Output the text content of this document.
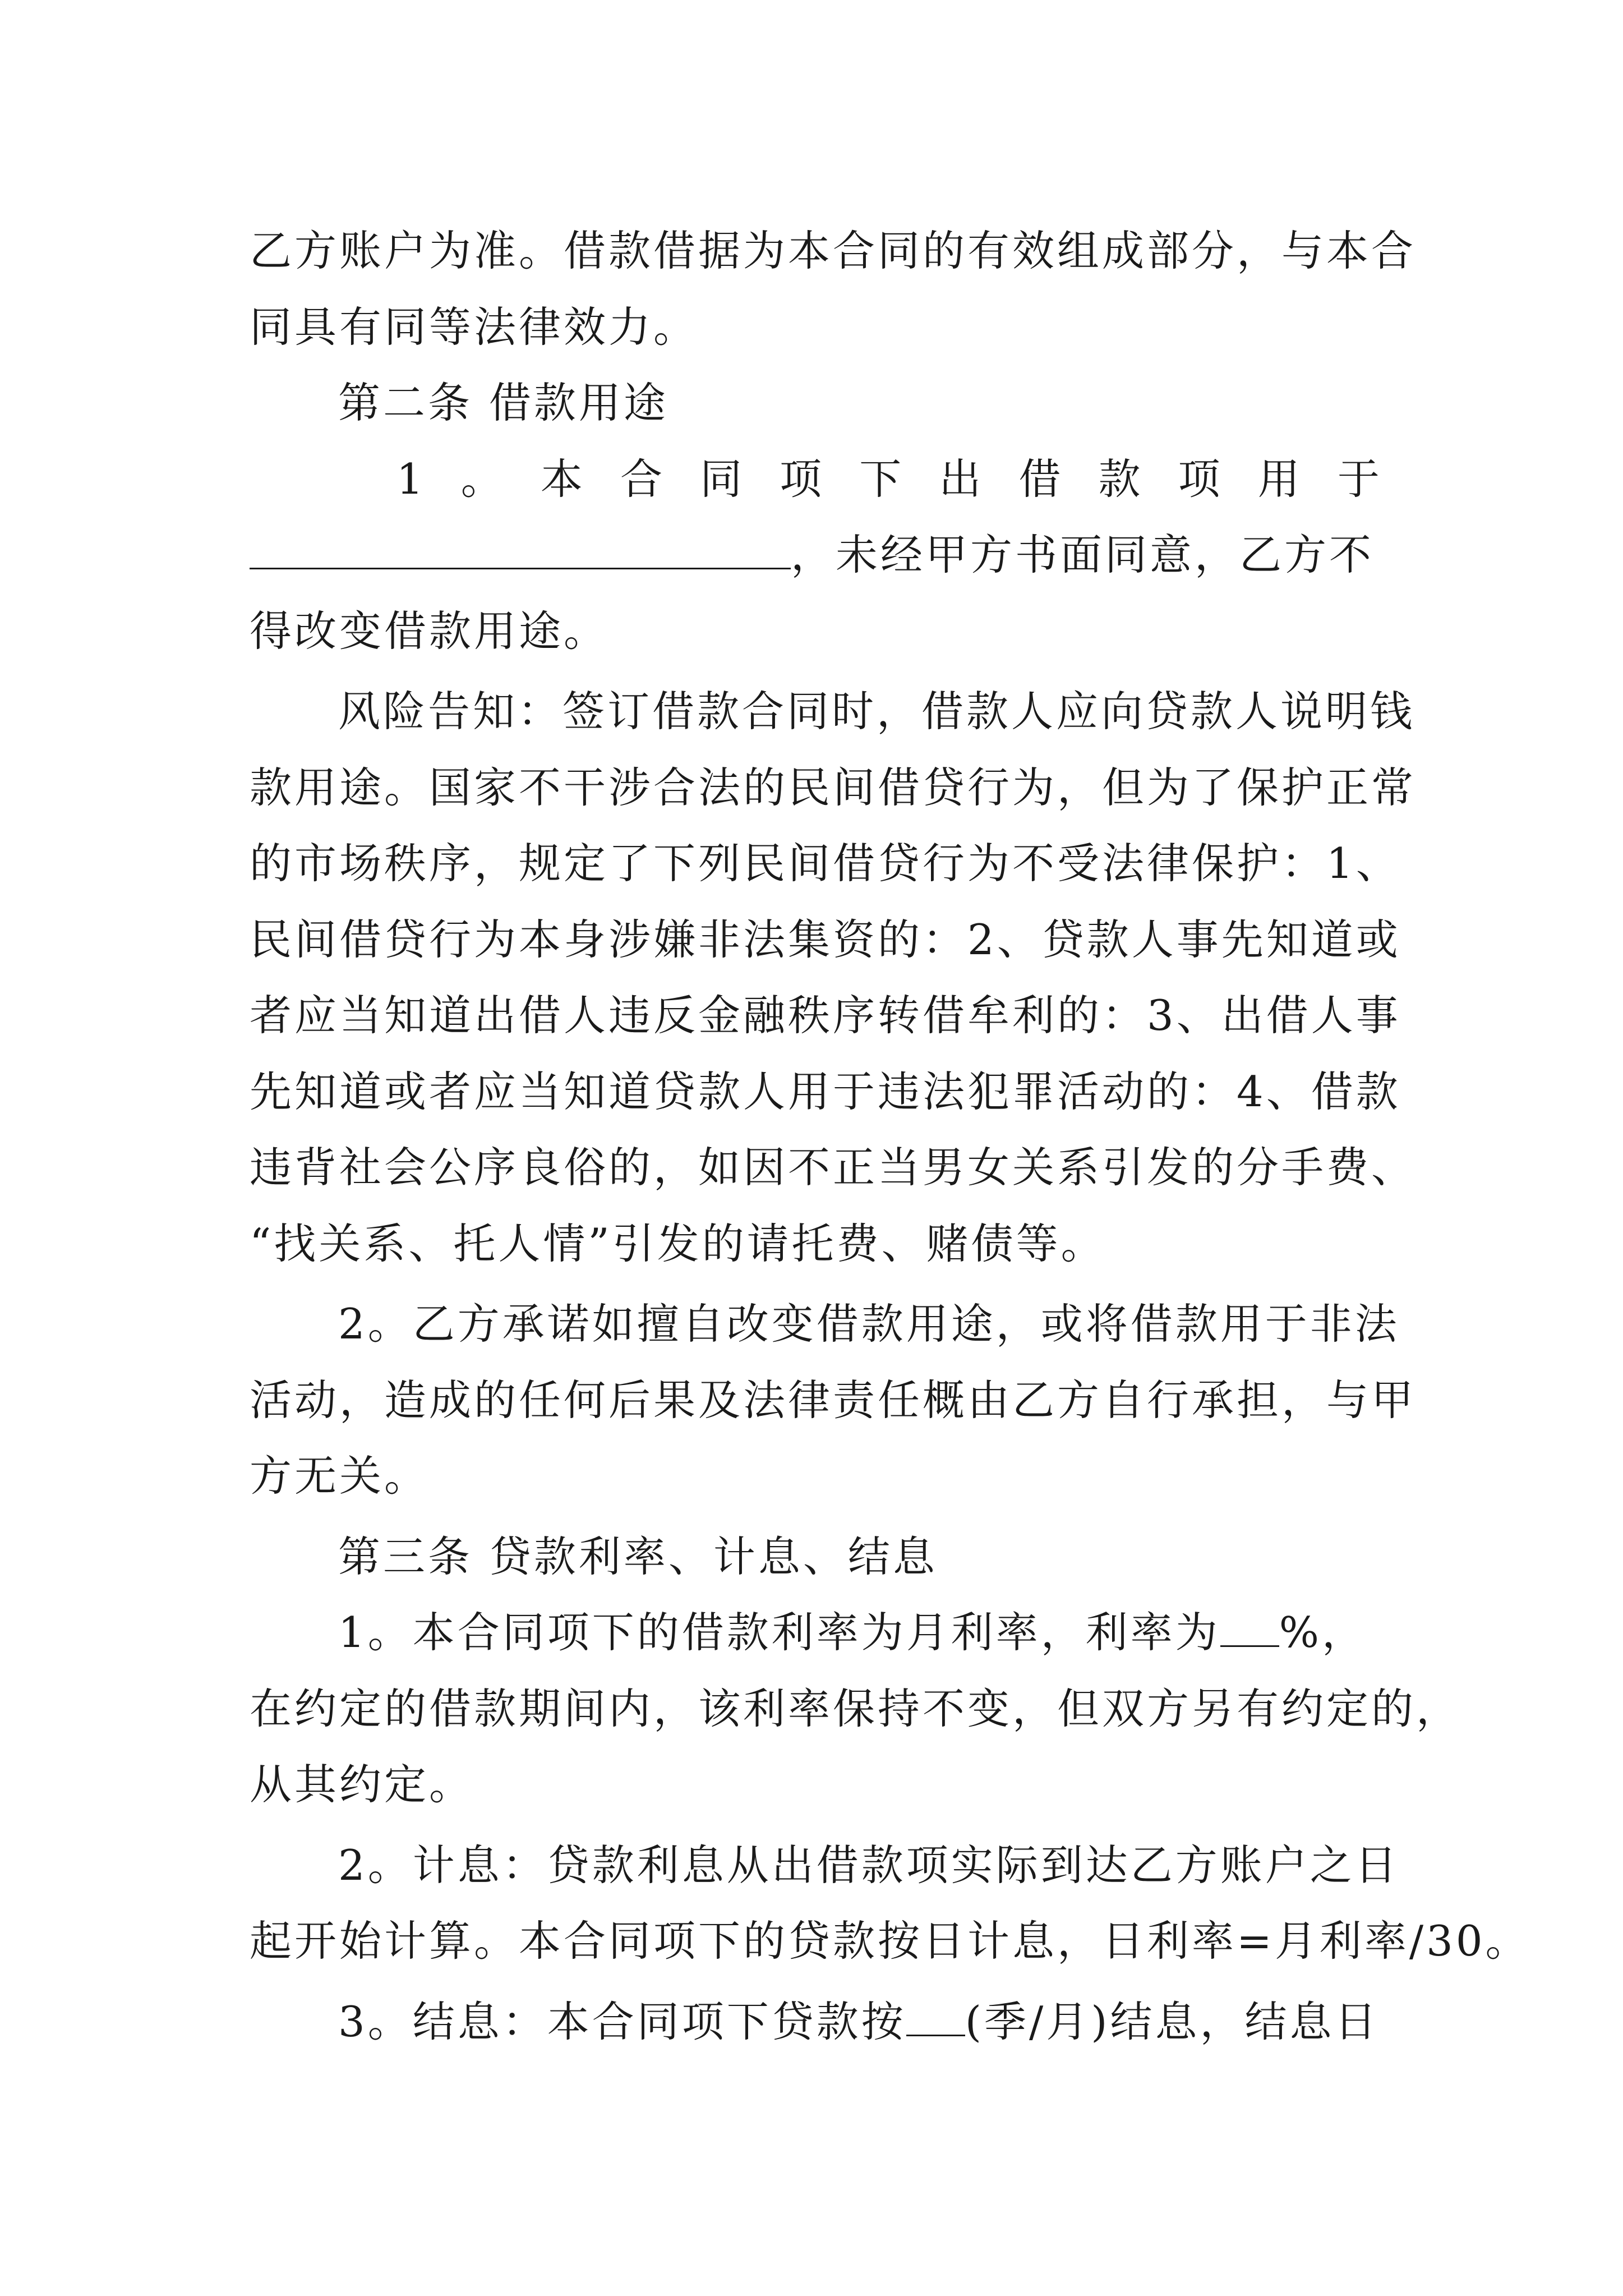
乙方账户为准。借款借据为本合同的有效组成部分，与本合
同具有同等法律效力。
第二条 借款用途
1 。 本 合 同 项 下 出 借 款 项 用 于
，未经甲方书面同意，乙方不
得改变借款用途。
风险告知：签订借款合同时，借款人应向贷款人说明钱
款用途。国家不干涉合法的民间借贷行为，但为了保护正常
的市场秩序，规定了下列民间借贷行为不受法律保护：1、
民间借贷行为本身涉嫌非法集资的：2、贷款人事先知道或
者应当知道出借人违反金融秩序转借牟利的：3、出借人事
先知道或者应当知道贷款人用于违法犯罪活动的：4、借款
违背社会公序良俗的，如因不正当男女关系引发的分手费、
“找关系、托人情”引发的请托费、赌债等。
2。乙方承诺如擅自改变借款用途，或将借款用于非法
活动，造成的任何后果及法律责任概由乙方自行承担，与甲
方无关。
第三条 贷款利率、计息、结息
1。本合同项下的借款利率为月利率，利率为 %，
在约定的借款期间内，该利率保持不变，但双方另有约定的，
从其约定。
2。计息：贷款利息从出借款项实际到达乙方账户之日
起开始计算。本合同项下的贷款按日计息，日利率=月利率/30。
3。结息：本合同项下贷款按 (季/月)结息，结息日
